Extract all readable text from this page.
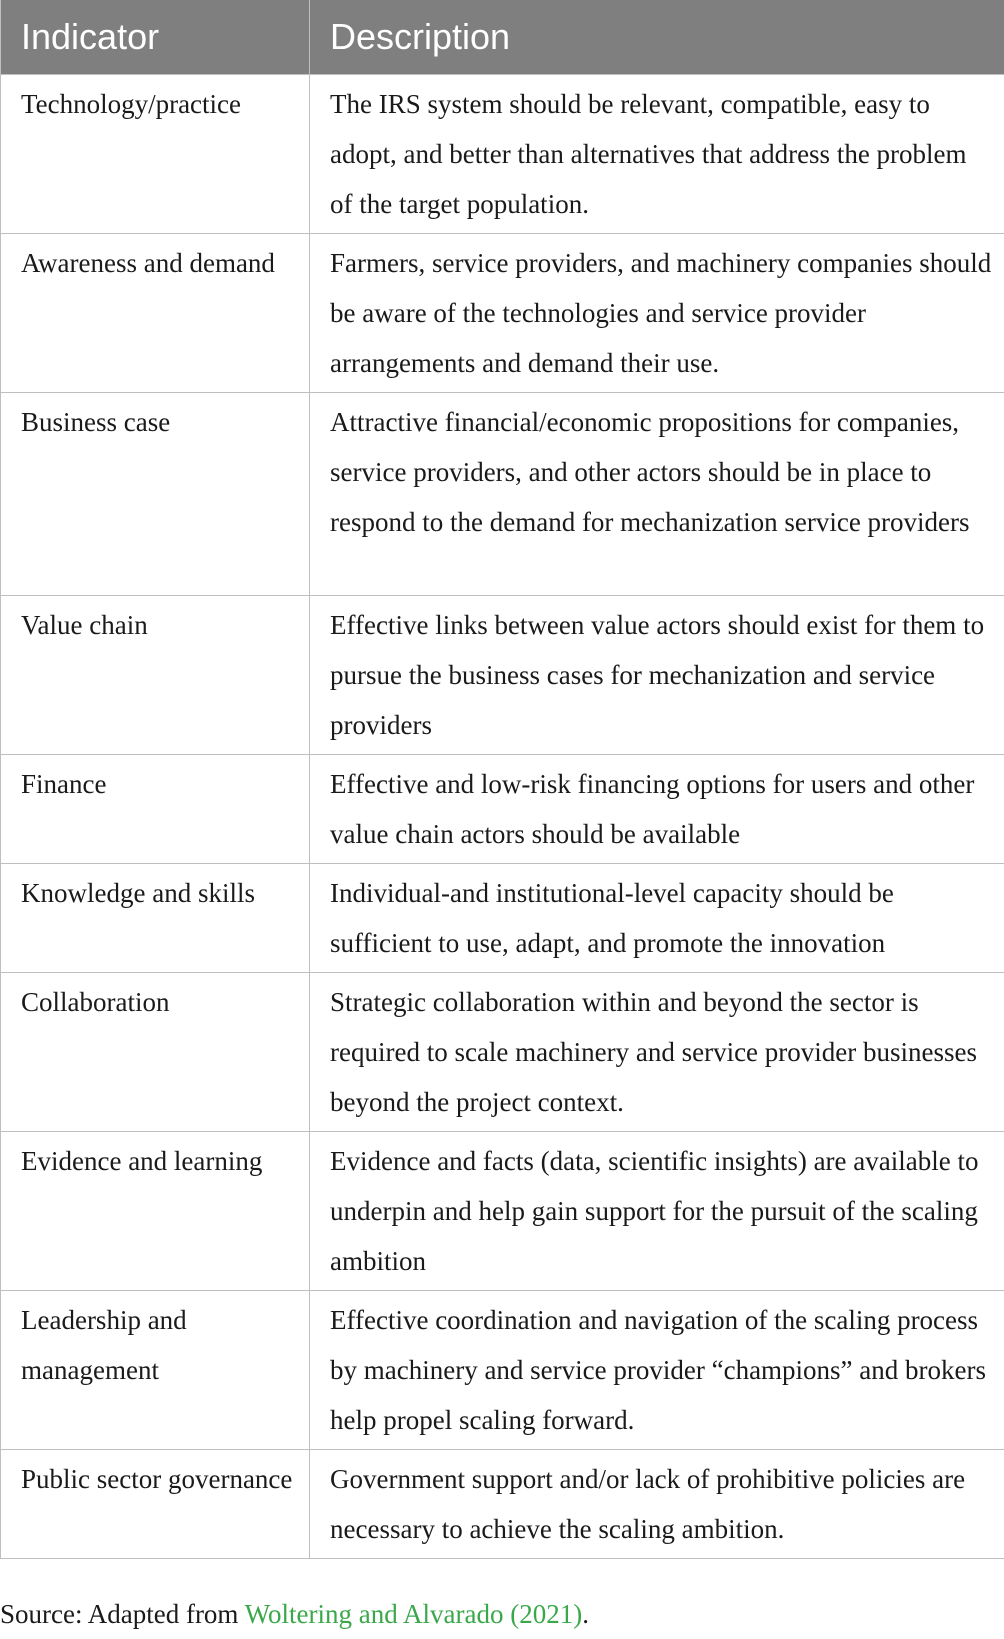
Indicator	Description
Technology/practice	The IRS system should be relevant, compatible, easy to adopt, and better than alternatives that address the problem of the target population.
Awareness and demand	Farmers, service providers, and machinery companies should be aware of the technologies and service provider arrangements and demand their use.
Business case	Attractive financial/economic propositions for companies, service providers, and other actors should be in place to respond to the demand for mechanization service providers
Value chain	Effective links between value actors should exist for them to pursue the business cases for mechanization and service providers
Finance	Effective and low-risk financing options for users and other value chain actors should be available
Knowledge and skills	Individual-and institutional-level capacity should be sufficient to use, adapt, and promote the innovation
Collaboration	Strategic collaboration within and beyond the sector is required to scale machinery and service provider businesses beyond the project context.
Evidence and learning	Evidence and facts (data, scientific insights) are available to underpin and help gain support for the pursuit of the scaling ambition
Leadership and management	Effective coordination and navigation of the scaling process by machinery and service provider “champions” and brokers help propel scaling forward.
Public sector governance	Government support and/or lack of prohibitive policies are necessary to achieve the scaling ambition.
Source: Adapted from Woltering and Alvarado (2021).
